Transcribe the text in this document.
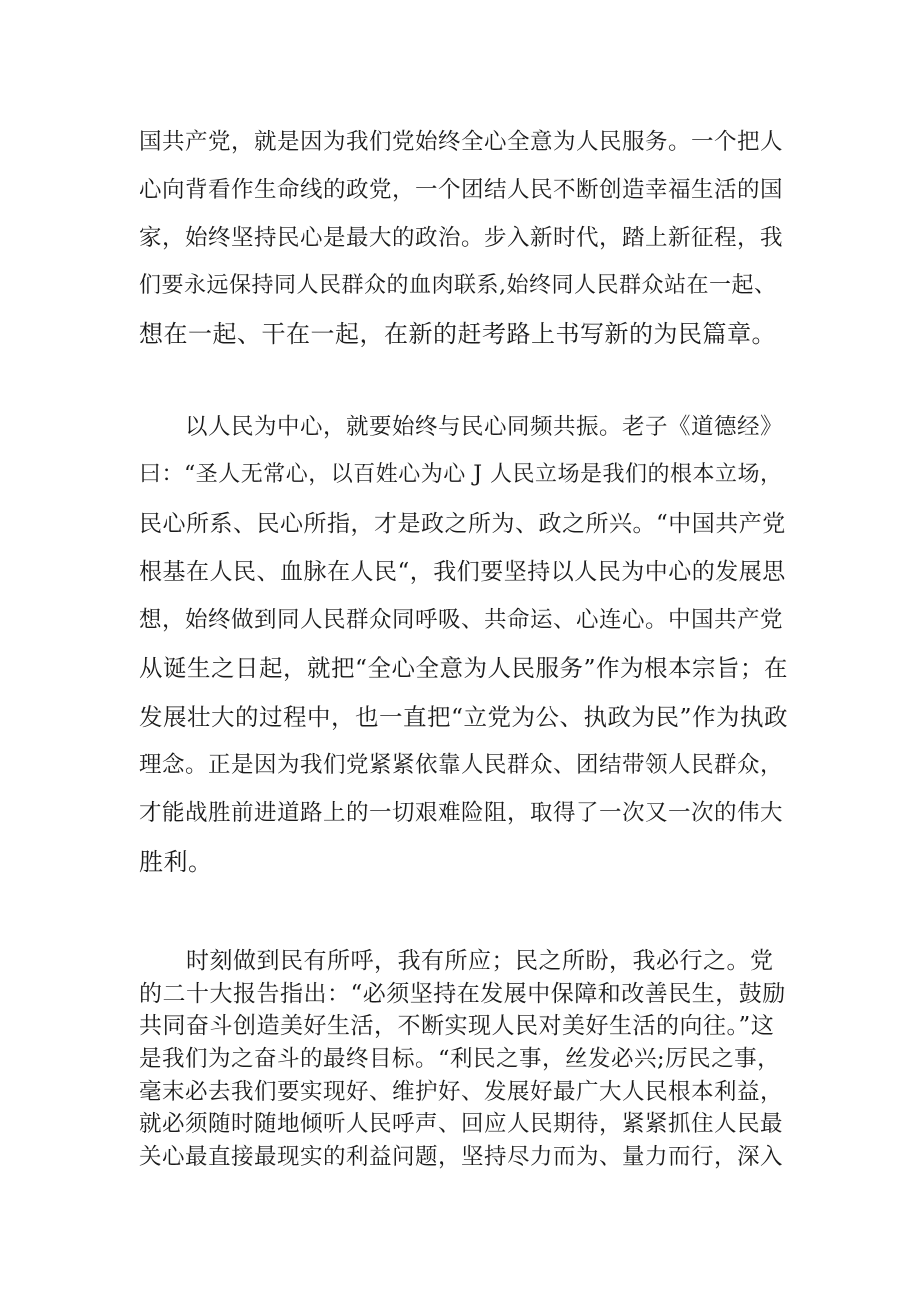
国共产党，就是因为我们党始终全心全意为人民服务。一个把人
心向背看作生命线的政党，一个团结人民不断创造幸福生活的国
家，始终坚持民心是最大的政治。步入新时代，踏上新征程，我
们要永远保持同人民群众的血肉联系,始终同人民群众站在一起、
想在一起、干在一起，在新的赶考路上书写新的为民篇章。
　　以人民为中心，就要始终与民心同频共振。老子《道德经》
曰：“圣人无常心，以百姓心为心 J 人民立场是我们的根本立场，
民心所系、民心所指，才是政之所为、政之所兴。“中国共产党
根基在人民、血脉在人民“，我们要坚持以人民为中心的发展思
想，始终做到同人民群众同呼吸、共命运、心连心。中国共产党
从诞生之日起，就把“全心全意为人民服务”作为根本宗旨；在
发展壮大的过程中，也一直把“立党为公、执政为民”作为执政
理念。正是因为我们党紧紧依靠人民群众、团结带领人民群众，
才能战胜前进道路上的一切艰难险阻，取得了一次又一次的伟大
胜利。
　　时刻做到民有所呼，我有所应；民之所盼，我必行之。党
的二十大报告指出：“必须坚持在发展中保障和改善民生，鼓励
共同奋斗创造美好生活，不断实现人民对美好生活的向往。”这
是我们为之奋斗的最终目标。“利民之事，丝发必兴;厉民之事，
毫末必去我们要实现好、维护好、发展好最广大人民根本利益，
就必须随时随地倾听人民呼声、回应人民期待，紧紧抓住人民最
关心最直接最现实的利益问题，坚持尽力而为、量力而行，深入
